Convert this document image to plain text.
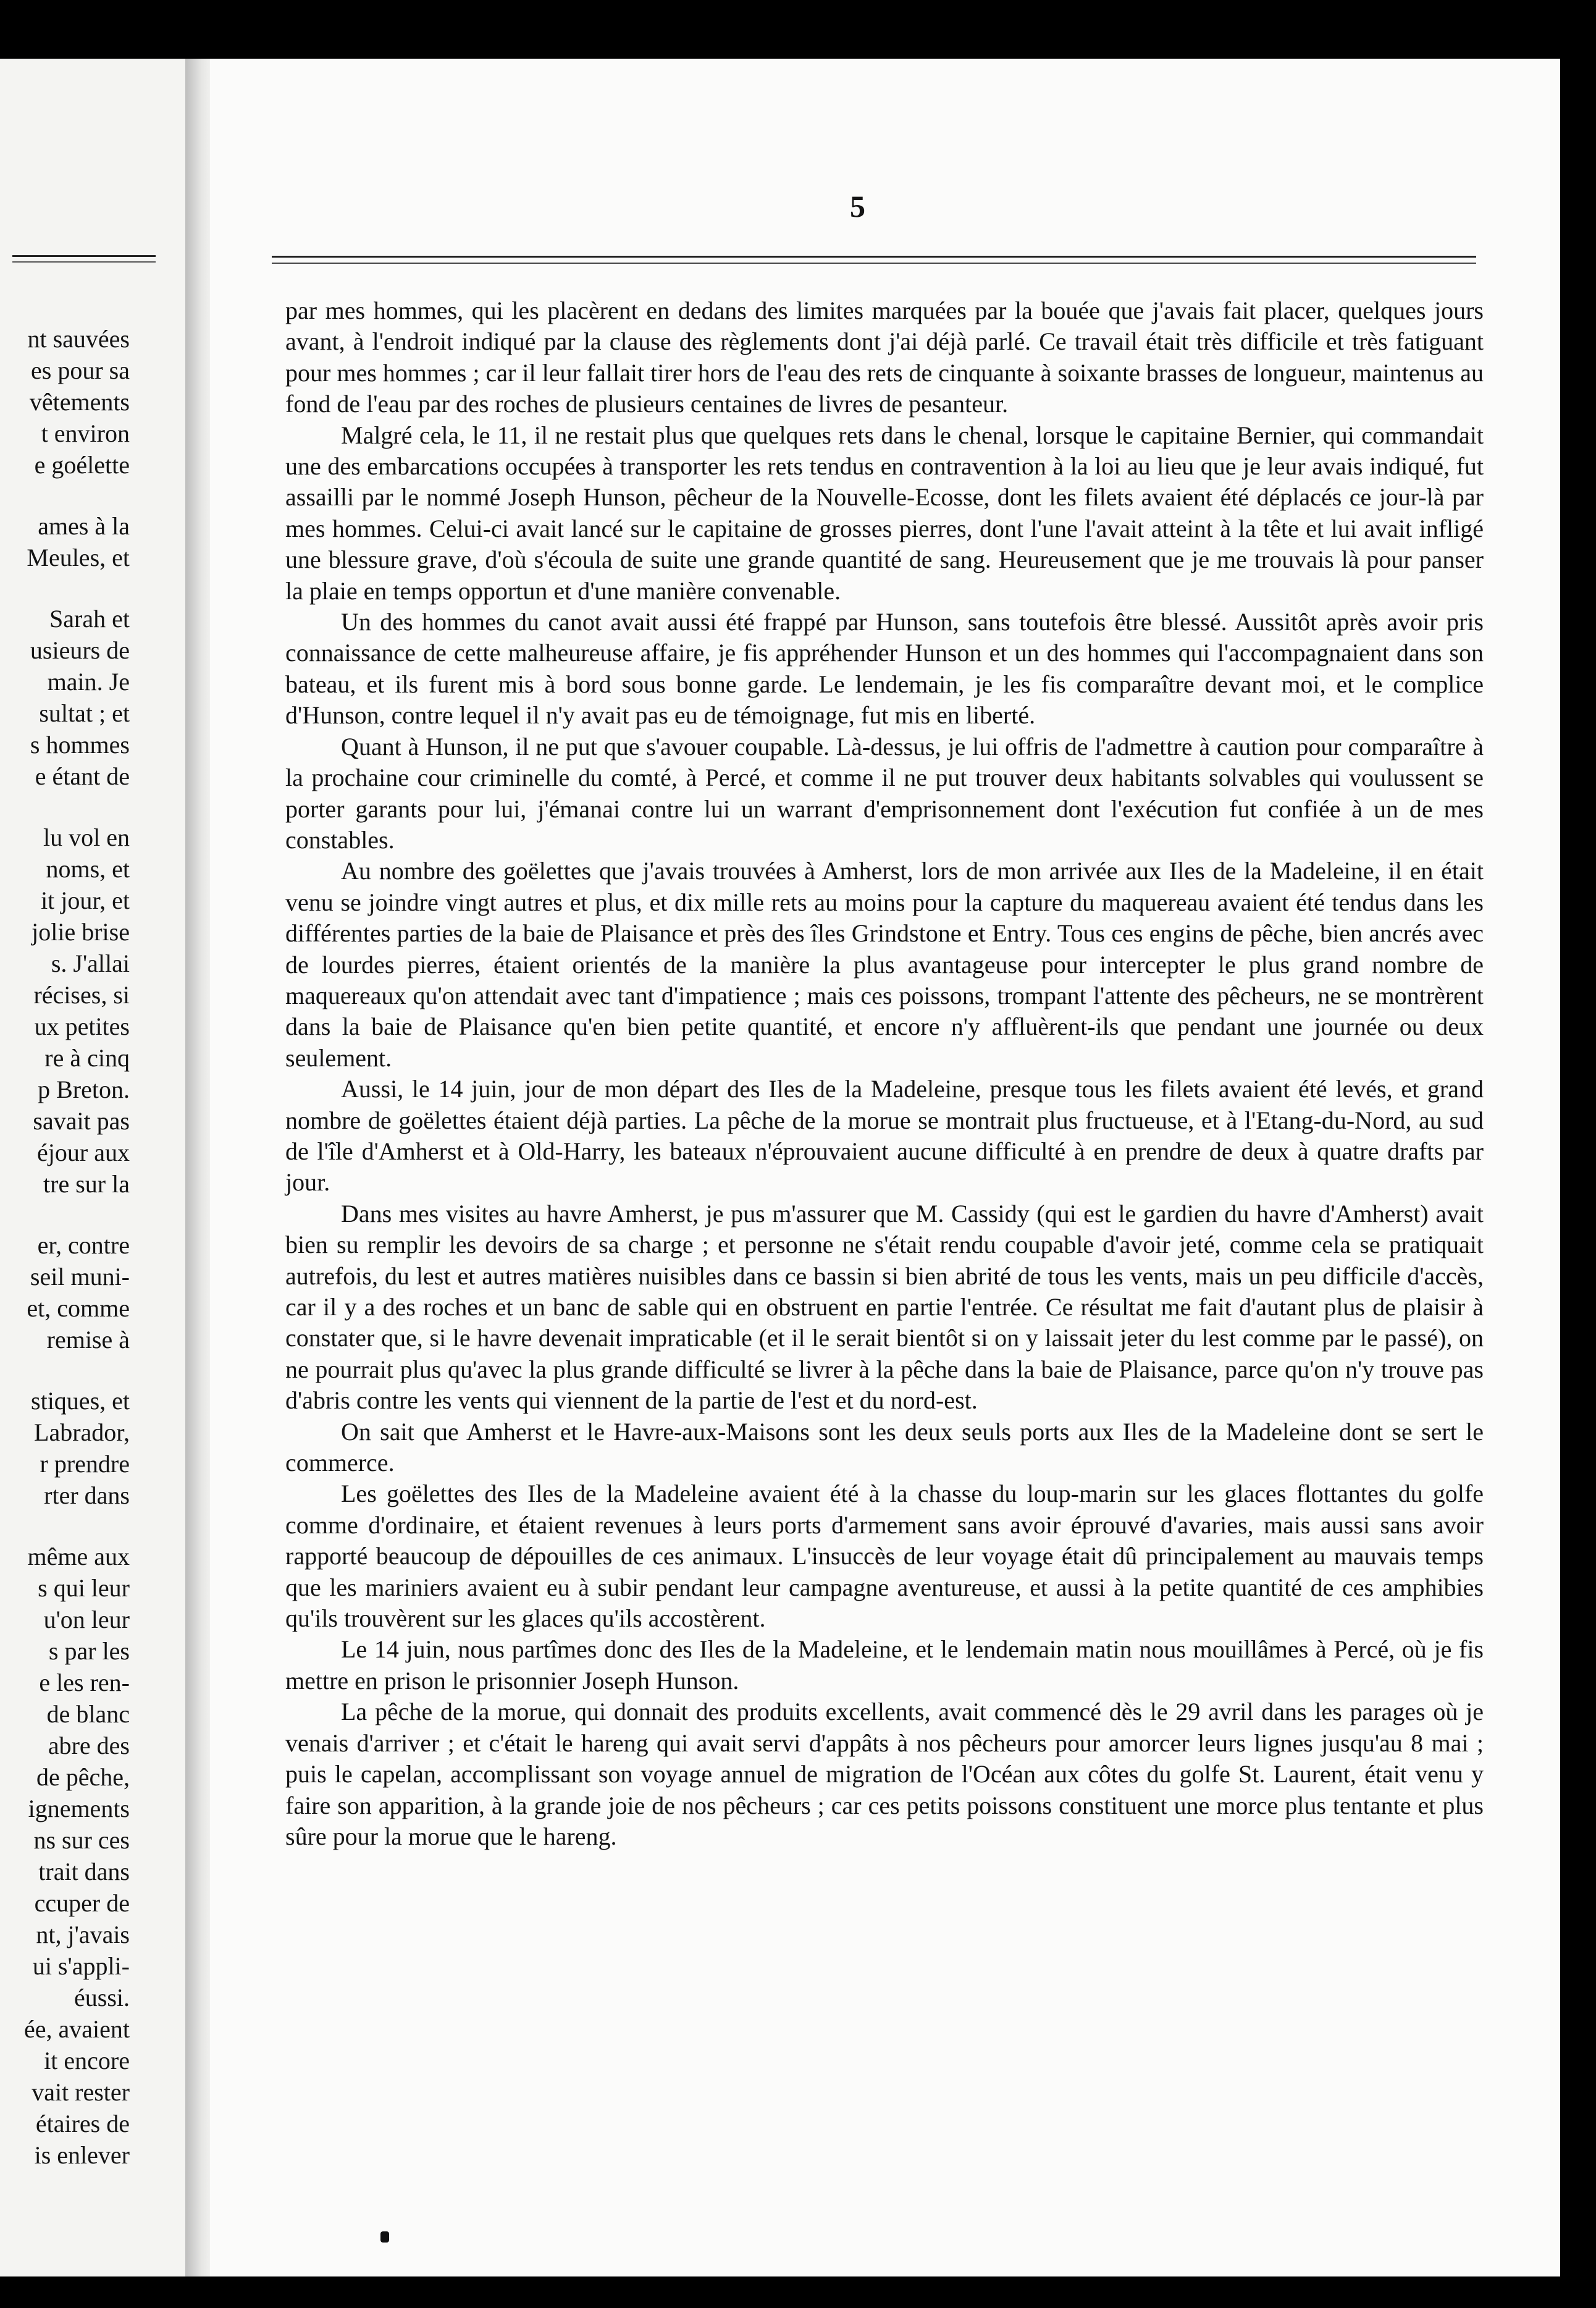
nt sauvées
es pour sa
vêtements
t environ
e goélette
ames à la
Meules, et
Sarah et
usieurs de
main. Je
sultat ; et
s hommes
e étant de
lu vol en
noms, et
it jour, et
jolie brise
s. J'allai
récises, si
ux petites
re à cinq
p Breton.
savait pas
éjour aux
tre sur la
er, contre
seil muni-
et, comme
remise à
stiques, et
Labrador,
r prendre
rter dans
même aux
s qui leur
u'on leur
s par les
e les ren-
de blanc
abre des
de pêche,
ignements
ns sur ces
trait dans
ccuper de
nt, j'avais
ui s'appli-
éussi.
ée, avaient
it encore
vait rester
étaires de
is enlever
5

par mes hommes, qui les placèrent en dedans des limites marquées par la bouée que j'avais fait placer, quelques jours avant, à l'endroit indiqué par la clause des règlements dont j'ai déjà parlé. Ce travail était très difficile et très fatiguant pour mes hommes ; car il leur fallait tirer hors de l'eau des rets de cinquante à soixante brasses de longueur, maintenus au fond de l'eau par des roches de plusieurs centaines de livres de pesanteur.

Malgré cela, le 11, il ne restait plus que quelques rets dans le chenal, lorsque le capitaine Bernier, qui commandait une des embarcations occupées à transporter les rets tendus en contravention à la loi au lieu que je leur avais indiqué, fut assailli par le nommé Joseph Hunson, pêcheur de la Nouvelle-Ecosse, dont les filets avaient été déplacés ce jour-là par mes hommes. Celui-ci avait lancé sur le capitaine de grosses pierres, dont l'une l'avait atteint à la tête et lui avait infligé une blessure grave, d'où s'écoula de suite une grande quantité de sang. Heureusement que je me trouvais là pour panser la plaie en temps opportun et d'une manière convenable.

Un des hommes du canot avait aussi été frappé par Hunson, sans toutefois être blessé. Aussitôt après avoir pris connaissance de cette malheureuse affaire, je fis appréhender Hunson et un des hommes qui l'accompagnaient dans son bateau, et ils furent mis à bord sous bonne garde. Le lendemain, je les fis comparaître devant moi, et le complice d'Hunson, contre lequel il n'y avait pas eu de témoignage, fut mis en liberté.

Quant à Hunson, il ne put que s'avouer coupable. Là-dessus, je lui offris de l'admettre à caution pour comparaître à la prochaine cour criminelle du comté, à Percé, et comme il ne put trouver deux habitants solvables qui voulussent se porter garants pour lui, j'émanai contre lui un warrant d'emprisonnement dont l'exécution fut confiée à un de mes constables.

Au nombre des goëlettes que j'avais trouvées à Amherst, lors de mon arrivée aux Iles de la Madeleine, il en était venu se joindre vingt autres et plus, et dix mille rets au moins pour la capture du maquereau avaient été tendus dans les différentes parties de la baie de Plaisance et près des îles Grindstone et Entry. Tous ces engins de pêche, bien ancrés avec de lourdes pierres, étaient orientés de la manière la plus avantageuse pour intercepter le plus grand nombre de maquereaux qu'on attendait avec tant d'impatience ; mais ces poissons, trompant l'attente des pêcheurs, ne se montrèrent dans la baie de Plaisance qu'en bien petite quantité, et encore n'y affluèrent-ils que pendant une journée ou deux seulement.

Aussi, le 14 juin, jour de mon départ des Iles de la Madeleine, presque tous les filets avaient été levés, et grand nombre de goëlettes étaient déjà parties. La pêche de la morue se montrait plus fructueuse, et à l'Etang-du-Nord, au sud de l'île d'Amherst et à Old-Harry, les bateaux n'éprouvaient aucune difficulté à en prendre de deux à quatre drafts par jour.

Dans mes visites au havre Amherst, je pus m'assurer que M. Cassidy (qui est le gardien du havre d'Amherst) avait bien su remplir les devoirs de sa charge ; et personne ne s'était rendu coupable d'avoir jeté, comme cela se pratiquait autrefois, du lest et autres matières nuisibles dans ce bassin si bien abrité de tous les vents, mais un peu difficile d'accès, car il y a des roches et un banc de sable qui en obstruent en partie l'entrée. Ce résultat me fait d'autant plus de plaisir à constater que, si le havre devenait impraticable (et il le serait bientôt si on y laissait jeter du lest comme par le passé), on ne pourrait plus qu'avec la plus grande difficulté se livrer à la pêche dans la baie de Plaisance, parce qu'on n'y trouve pas d'abris contre les vents qui viennent de la partie de l'est et du nord-est.

On sait que Amherst et le Havre-aux-Maisons sont les deux seuls ports aux Iles de la Madeleine dont se sert le commerce.

Les goëlettes des Iles de la Madeleine avaient été à la chasse du loup-marin sur les glaces flottantes du golfe comme d'ordinaire, et étaient revenues à leurs ports d'armement sans avoir éprouvé d'avaries, mais aussi sans avoir rapporté beaucoup de dépouilles de ces animaux. L'insuccès de leur voyage était dû principalement au mauvais temps que les mariniers avaient eu à subir pendant leur campagne aventureuse, et aussi à la petite quantité de ces amphibies qu'ils trouvèrent sur les glaces qu'ils accostèrent.

Le 14 juin, nous partîmes donc des Iles de la Madeleine, et le lendemain matin nous mouillâmes à Percé, où je fis mettre en prison le prisonnier Joseph Hunson.

La pêche de la morue, qui donnait des produits excellents, avait commencé dès le 29 avril dans les parages où je venais d'arriver ; et c'était le hareng qui avait servi d'appâts à nos pêcheurs pour amorcer leurs lignes jusqu'au 8 mai ; puis le capelan, accomplissant son voyage annuel de migration de l'Océan aux côtes du golfe St. Laurent, était venu y faire son apparition, à la grande joie de nos pêcheurs ; car ces petits poissons constituent une morce plus tentante et plus sûre pour la morue que le hareng.
